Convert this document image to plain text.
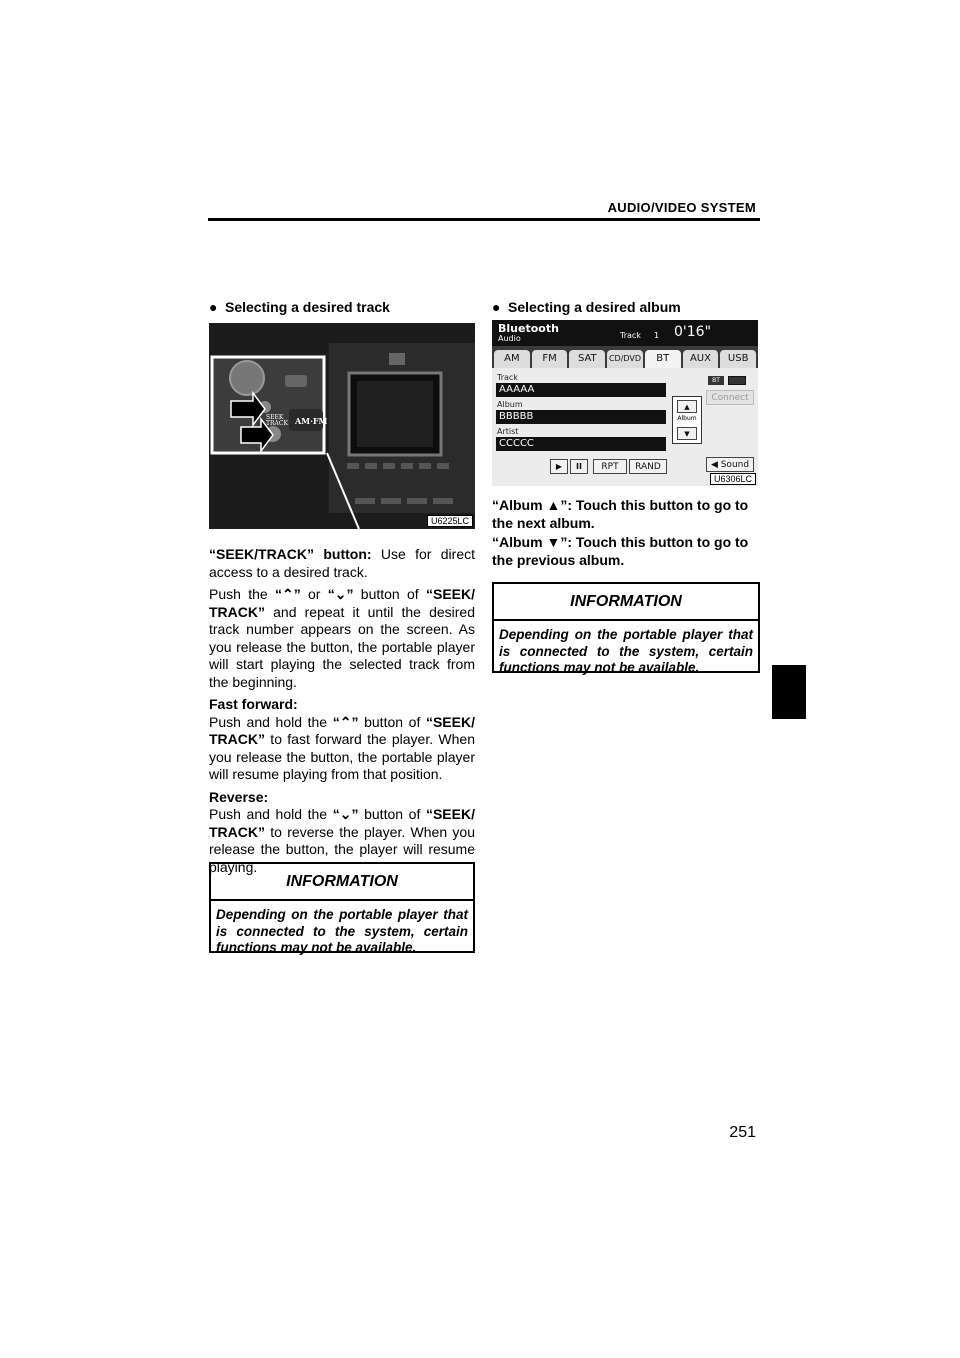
AUDIO/VIDEO SYSTEM
● Selecting a desired track
SEEK TRACK AM·FM
U6225LC

“SEEK/TRACK” button: Use for direct access to a desired track.

Push the “⌃” or “⌄” button of “SEEK/ TRACK” and repeat it until the desired track number appears on the screen. As you release the button, the portable player will start playing the selected track from the beginning.

Fast forward:

Push and hold the “⌃” button of “SEEK/ TRACK” to fast forward the player. When you release the button, the portable player will resume playing from that position.

Reverse:

Push and hold the “⌄” button of “SEEK/ TRACK” to reverse the player. When you release the button, the player will resume playing.

INFORMATION
Depending on the portable player that is connected to the system, certain functions may not be available.
● Selecting a desired album
Bluetooth
Audio	Track 1 0'16"
AM	FM	SAT	CD/DVD	BT	AUX	USB
Track
AAAAA
Album
BBBBB
Artist
CCCCC
▲
Album
▼
BT
Connect
▶	II	RPT	RAND	◀ Sound
U6306LC

“Album ▲”: Touch this button to go to the next album.

“Album ▼”: Touch this button to go to the previous album.

INFORMATION
Depending on the portable player that is connected to the system, certain functions may not be available.
251
